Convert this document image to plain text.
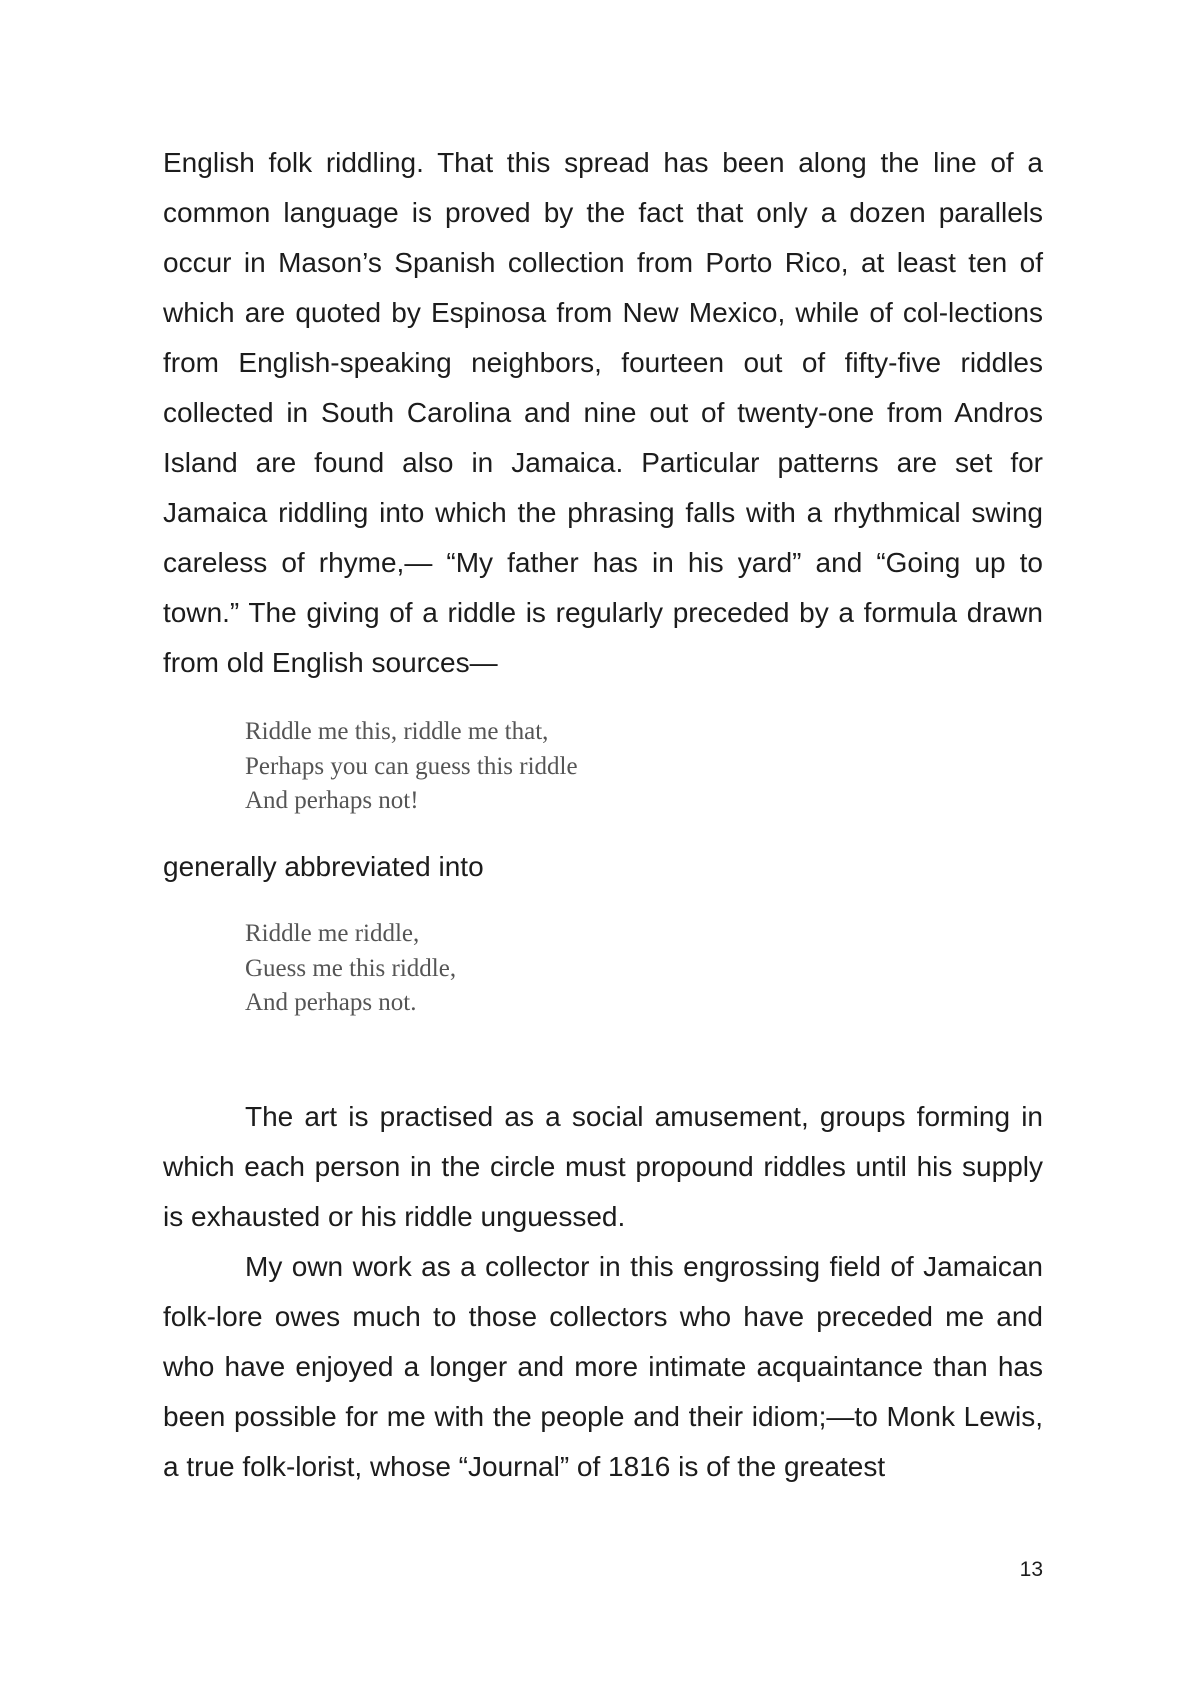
English folk riddling. That this spread has been along the line of a common language is proved by the fact that only a dozen parallels occur in Mason’s Spanish collection from Porto Rico, at least ten of which are quoted by Espinosa from New Mexico, while of col-lections from English-speaking neighbors, fourteen out of fifty-five riddles collected in South Carolina and nine out of twenty-one from Andros Island are found also in Jamaica. Particular patterns are set for Jamaica riddling into which the phrasing falls with a rhythmical swing careless of rhyme,— “My father has in his yard” and “Going up to town.” The giving of a riddle is regularly preceded by a formula drawn from old English sources—

Riddle me this, riddle me that,
Perhaps you can guess this riddle
And perhaps not!

generally abbreviated into

Riddle me riddle,
Guess me this riddle,
And perhaps not.

The art is practised as a social amusement, groups forming in which each person in the circle must propound riddles until his supply is exhausted or his riddle unguessed.

My own work as a collector in this engrossing field of Jamaican folk-lore owes much to those collectors who have preceded me and who have enjoyed a longer and more intimate acquaintance than has been possible for me with the people and their idiom;—to Monk Lewis, a true folk-lorist, whose “Journal” of 1816 is of the greatest

13
